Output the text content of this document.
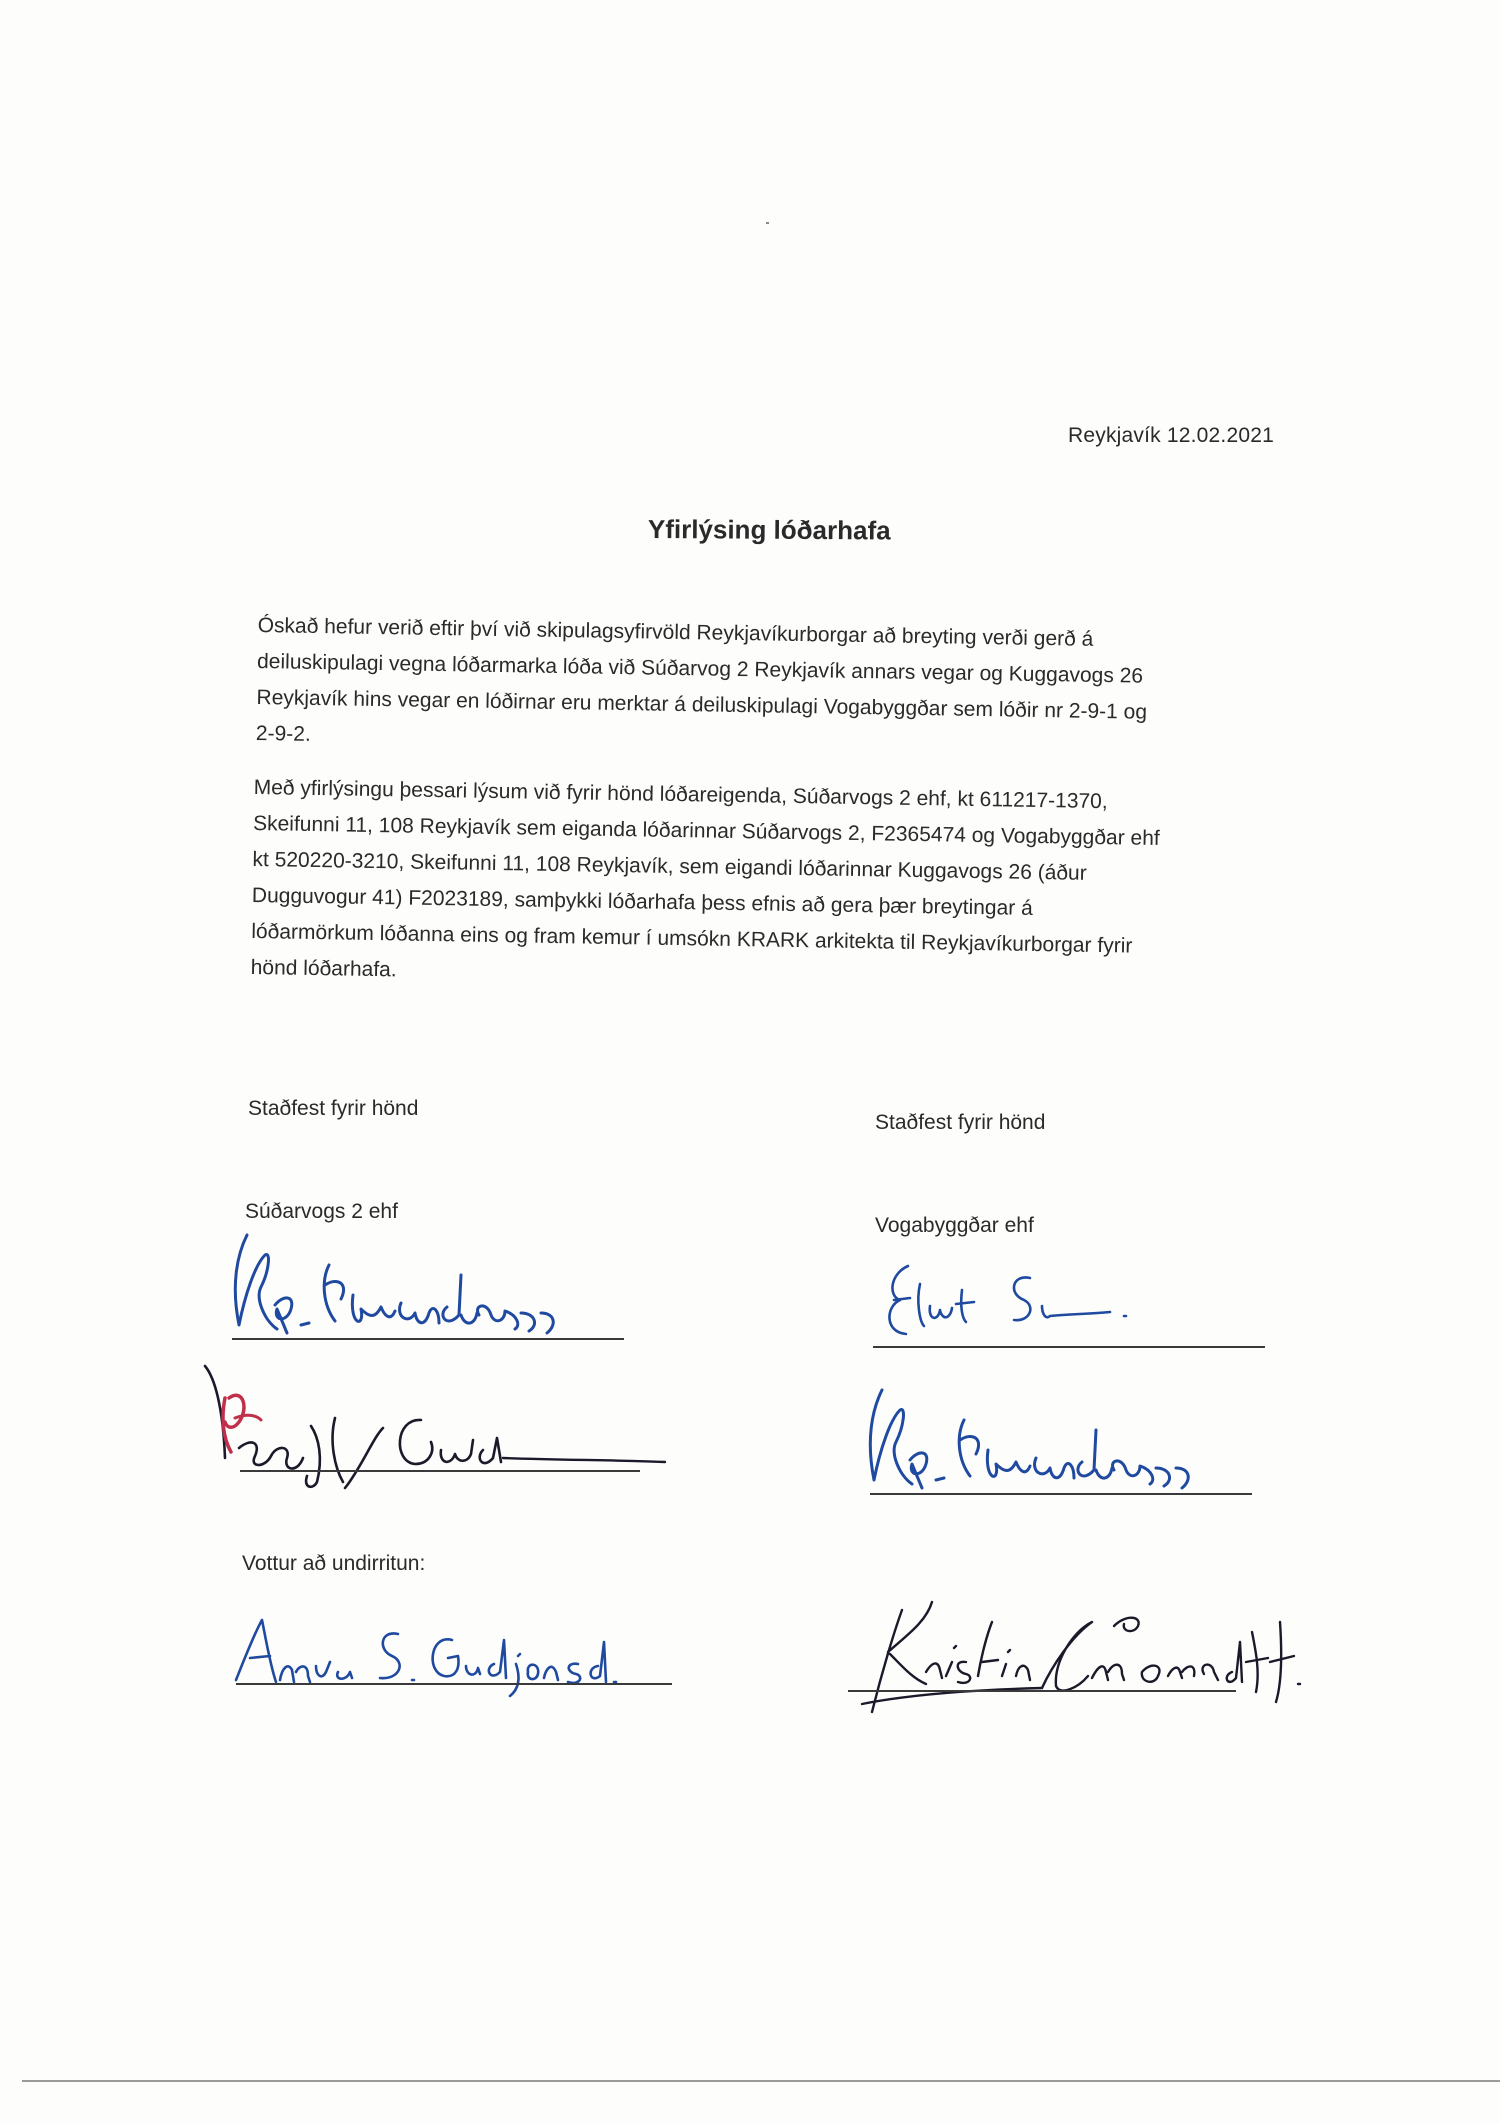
Reykjavík 12.02.2021
Yfirlýsing lóðarhafa
Óskað hefur verið eftir því við skipulagsyfirvöld Reykjavíkurborgar að breyting verði gerð á
deiluskipulagi vegna lóðarmarka lóða við Súðarvog 2 Reykjavík annars vegar og Kuggavogs 26
Reykjavík hins vegar en lóðirnar eru merktar á deiluskipulagi Vogabyggðar sem lóðir nr 2-9-1 og
2-9-2.
Með yfirlýsingu þessari lýsum við fyrir hönd lóðareigenda, Súðarvogs 2 ehf, kt 611217-1370,
Skeifunni 11, 108 Reykjavík sem eiganda lóðarinnar Súðarvogs 2, F2365474 og Vogabyggðar ehf
kt 520220-3210, Skeifunni 11, 108 Reykjavík, sem eigandi lóðarinnar Kuggavogs 26 (áður
Dugguvogur 41) F2023189, samþykki lóðarhafa þess efnis að gera þær breytingar á
lóðarmörkum lóðanna eins og fram kemur í umsókn KRARK arkitekta til Reykjavíkurborgar fyrir
hönd lóðarhafa.
Staðfest fyrir hönd
Súðarvogs 2 ehf
Staðfest fyrir hönd
Vogabyggðar ehf
Vottur að undirritun:
